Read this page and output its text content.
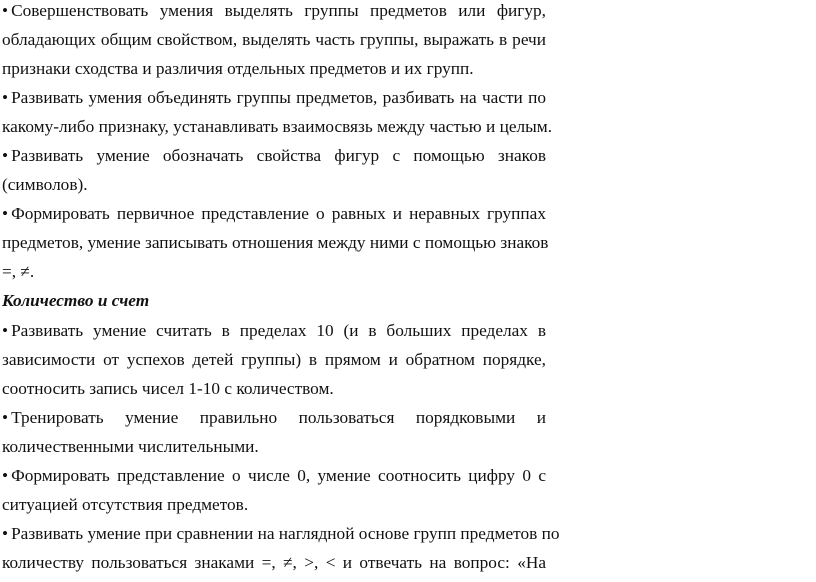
• Совершенствовать умения выделять группы предметов или фигур,
обладающих общим свойством, выделять часть группы, выражать в речи
признаки сходства и различия отдельных предметов и их групп.
• Развивать умения объединять группы предметов, разбивать на части по
какому-либо признаку, устанавливать взаимосвязь между частью и целым.
• Развивать умение обозначать свойства фигур с помощью знаков
(символов).
• Формировать первичное представление о равных и неравных группах
предметов, умение записывать отношения между ними с помощью знаков
=, ≠.
Количество и счет
• Развивать умение считать в пределах 10 (и в больших пределах в
зависимости от успехов детей группы) в прямом и обратном порядке,
соотносить запись чисел 1-10 с количеством.
• Тренировать умение правильно пользоваться порядковыми и
количественными числительными.
• Формировать представление о числе 0, умение соотносить цифру 0 с
ситуацией отсутствия предметов.
• Развивать умение при сравнении на наглядной основе групп предметов по
количеству пользоваться знаками =, ≠, >, < и отвечать на вопрос: «На
